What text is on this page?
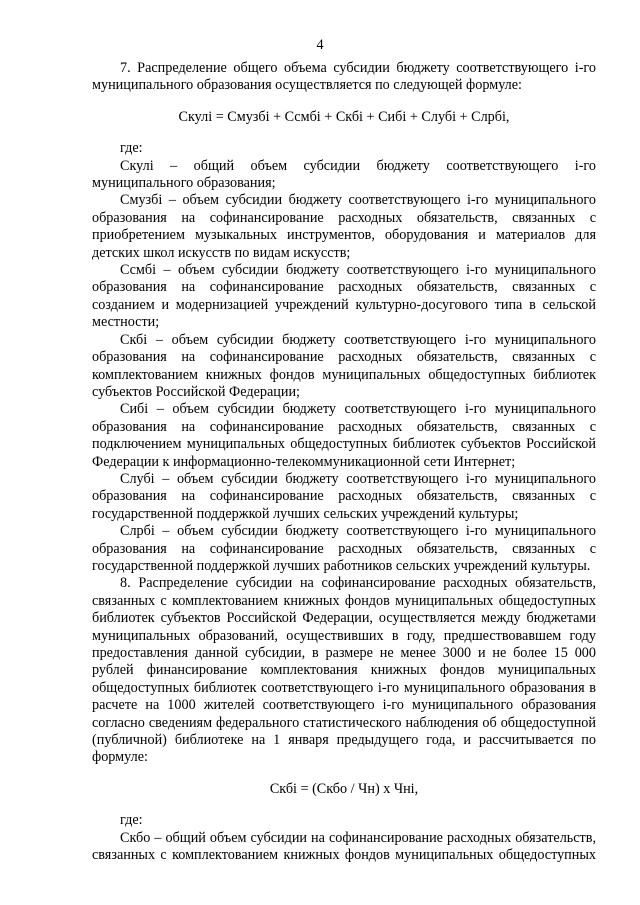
4

7. Распределение общего объема субсидии бюджету соответствующего i-го муниципального образования осуществляется по следующей формуле:

Скулi = Смузбi + Ссмбi + Скбi + Сибi + Слубi + Слрбi,

где:

Скулi – общий объем субсидии бюджету соответствующего i-го муниципального образования;

Смузбi – объем субсидии бюджету соответствующего i-го муниципального образования на софинансирование расходных обязательств, связанных с приобретением музыкальных инструментов, оборудования и материалов для детских школ искусств по видам искусств;

Ссмбi – объем субсидии бюджету соответствующего i-го муниципального образования на софинансирование расходных обязательств, связанных с созданием и модернизацией учреждений культурно-досугового типа в сельской местности;

Скбi – объем субсидии бюджету соответствующего i-го муниципального образования на софинансирование расходных обязательств, связанных с комплектованием книжных фондов муниципальных общедоступных библиотек субъектов Российской Федерации;

Сибi – объем субсидии бюджету соответствующего i-го муниципального образования на софинансирование расходных обязательств, связанных с подключением муниципальных общедоступных библиотек субъектов Российской Федерации к информационно-телекоммуникационной сети Интернет;

Слубi – объем субсидии бюджету соответствующего i-го муниципального образования на софинансирование расходных обязательств, связанных с государственной поддержкой лучших сельских учреждений культуры;

Слрбi – объем субсидии бюджету соответствующего i-го муниципального образования на софинансирование расходных обязательств, связанных с государственной поддержкой лучших работников сельских учреждений культуры.

8. Распределение субсидии на софинансирование расходных обязательств, связанных с комплектованием книжных фондов муниципальных общедоступных библиотек субъектов Российской Федерации, осуществляется между бюджетами муниципальных образований, осуществивших в году, предшествовавшем году предоставления данной субсидии, в размере не менее 3000 и не более 15 000 рублей финансирование комплектования книжных фондов муниципальных общедоступных библиотек соответствующего i-го муниципального образования в расчете на 1000 жителей соответствующего i-го муниципального образования согласно сведениям федерального статистического наблюдения об общедоступной (публичной) библиотеке на 1 января предыдущего года, и рассчитывается по формуле:

Скбi = (Скбо / Чн) x Чнi,

где:

Скбо – общий объем субсидии на софинансирование расходных обязательств, связанных с комплектованием книжных фондов муниципальных общедоступных
